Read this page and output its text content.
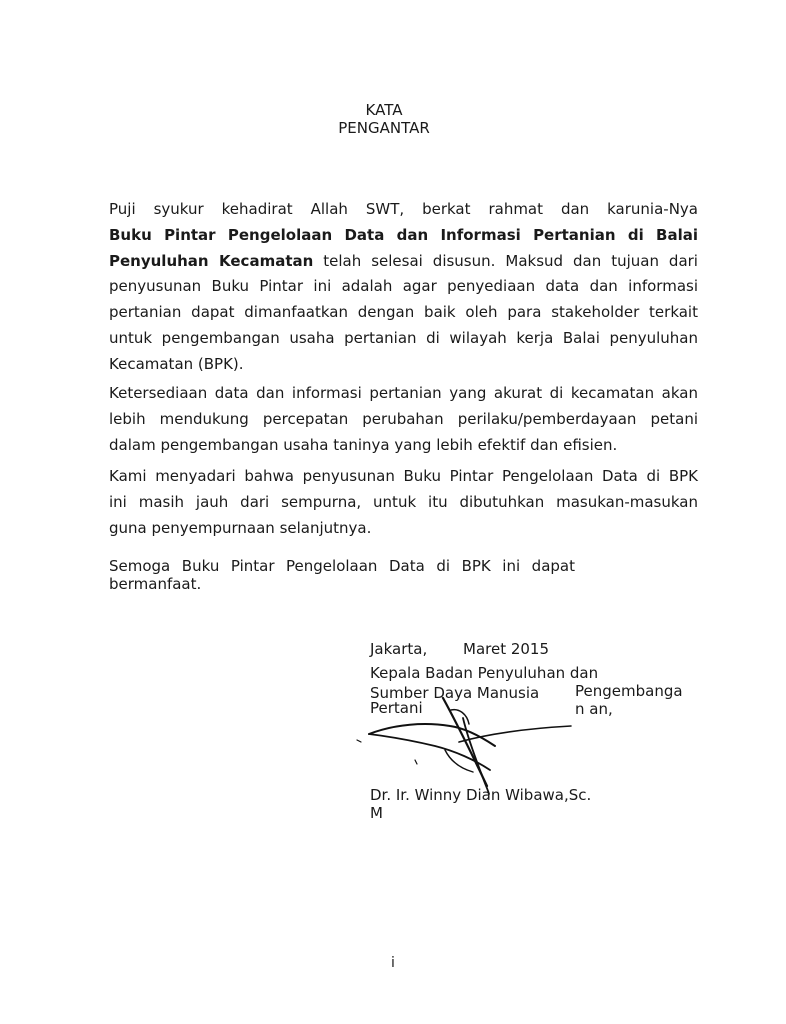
KATA
PENGANTAR
Puji syukur kehadirat Allah SWT, berkat rahmat dan karunia-Nya
Buku Pintar Pengelolaan Data dan Informasi Pertanian di Balai
Penyuluhan Kecamatan telah selesai disusun. Maksud dan tujuan dari
penyusunan Buku Pintar ini adalah agar penyediaan data dan informasi
pertanian dapat dimanfaatkan dengan baik oleh para stakeholder terkait
untuk pengembangan usaha pertanian di wilayah kerja Balai penyuluhan
Kecamatan (BPK).
Ketersediaan data dan informasi pertanian yang akurat di kecamatan akan
lebih mendukung percepatan perubahan perilaku/pemberdayaan petani
dalam pengembangan usaha taninya yang lebih efektif dan efisien.
Kami menyadari bahwa penyusunan Buku Pintar Pengelolaan Data di BPK
ini masih jauh dari sempurna, untuk itu dibutuhkan masukan-masukan
guna penyempurnaan selanjutnya.
Semoga Buku Pintar Pengelolaan Data di BPK ini dapat
bermanfaat.
Jakarta, Maret 2015
Kepala Badan Penyuluhan dan
Sumber Daya Manusia
Pertani
Pengembanga
n an,
Dr. Ir. Winny Dian Wibawa,Sc.
M
i
